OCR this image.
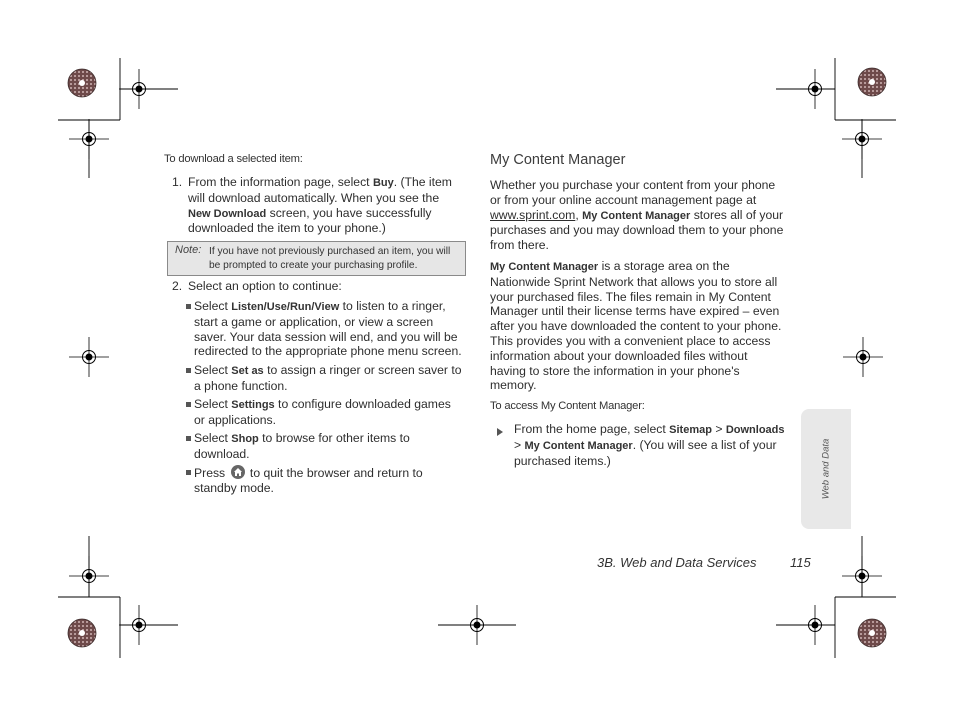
To download a selected item:
1. From the information page, select Buy. (The item
will download automatically. When you see the
New Download screen, you have successfully
downloaded the item to your phone.)
Note: If you have not previously purchased an item, you will
be prompted to create your purchasing profile.
2. Select an option to continue:
Select Listen/Use/Run/View to listen to a ringer,
start a game or application, or view a screen
saver. Your data session will end, and you will be
redirected to the appropriate phone menu screen.
Select Set as to assign a ringer or screen saver to
a phone function.
Select Settings to configure downloaded games
or applications.
Select Shop to browse for other items to
download.
Press
to quit the browser and return to
standby mode.
My Content Manager
Whether you purchase your content from your phone
or from your online account management page at
www.sprint.com, My Content Manager stores all of your
purchases and you may download them to your phone
from there.
My Content Manager is a storage area on the
Nationwide Sprint Network that allows you to store all
your purchased files. The files remain in My Content
Manager until their license terms have expired – even
after you have downloaded the content to your phone.
This provides you with a convenient place to access
information about your downloaded files without
having to store the information in your phone's
memory.
To access My Content Manager:
From the home page, select Sitemap > Downloads
> My Content Manager. (You will see a list of your
purchased items.)	Web and Data
3B. Web and Data Services	115
